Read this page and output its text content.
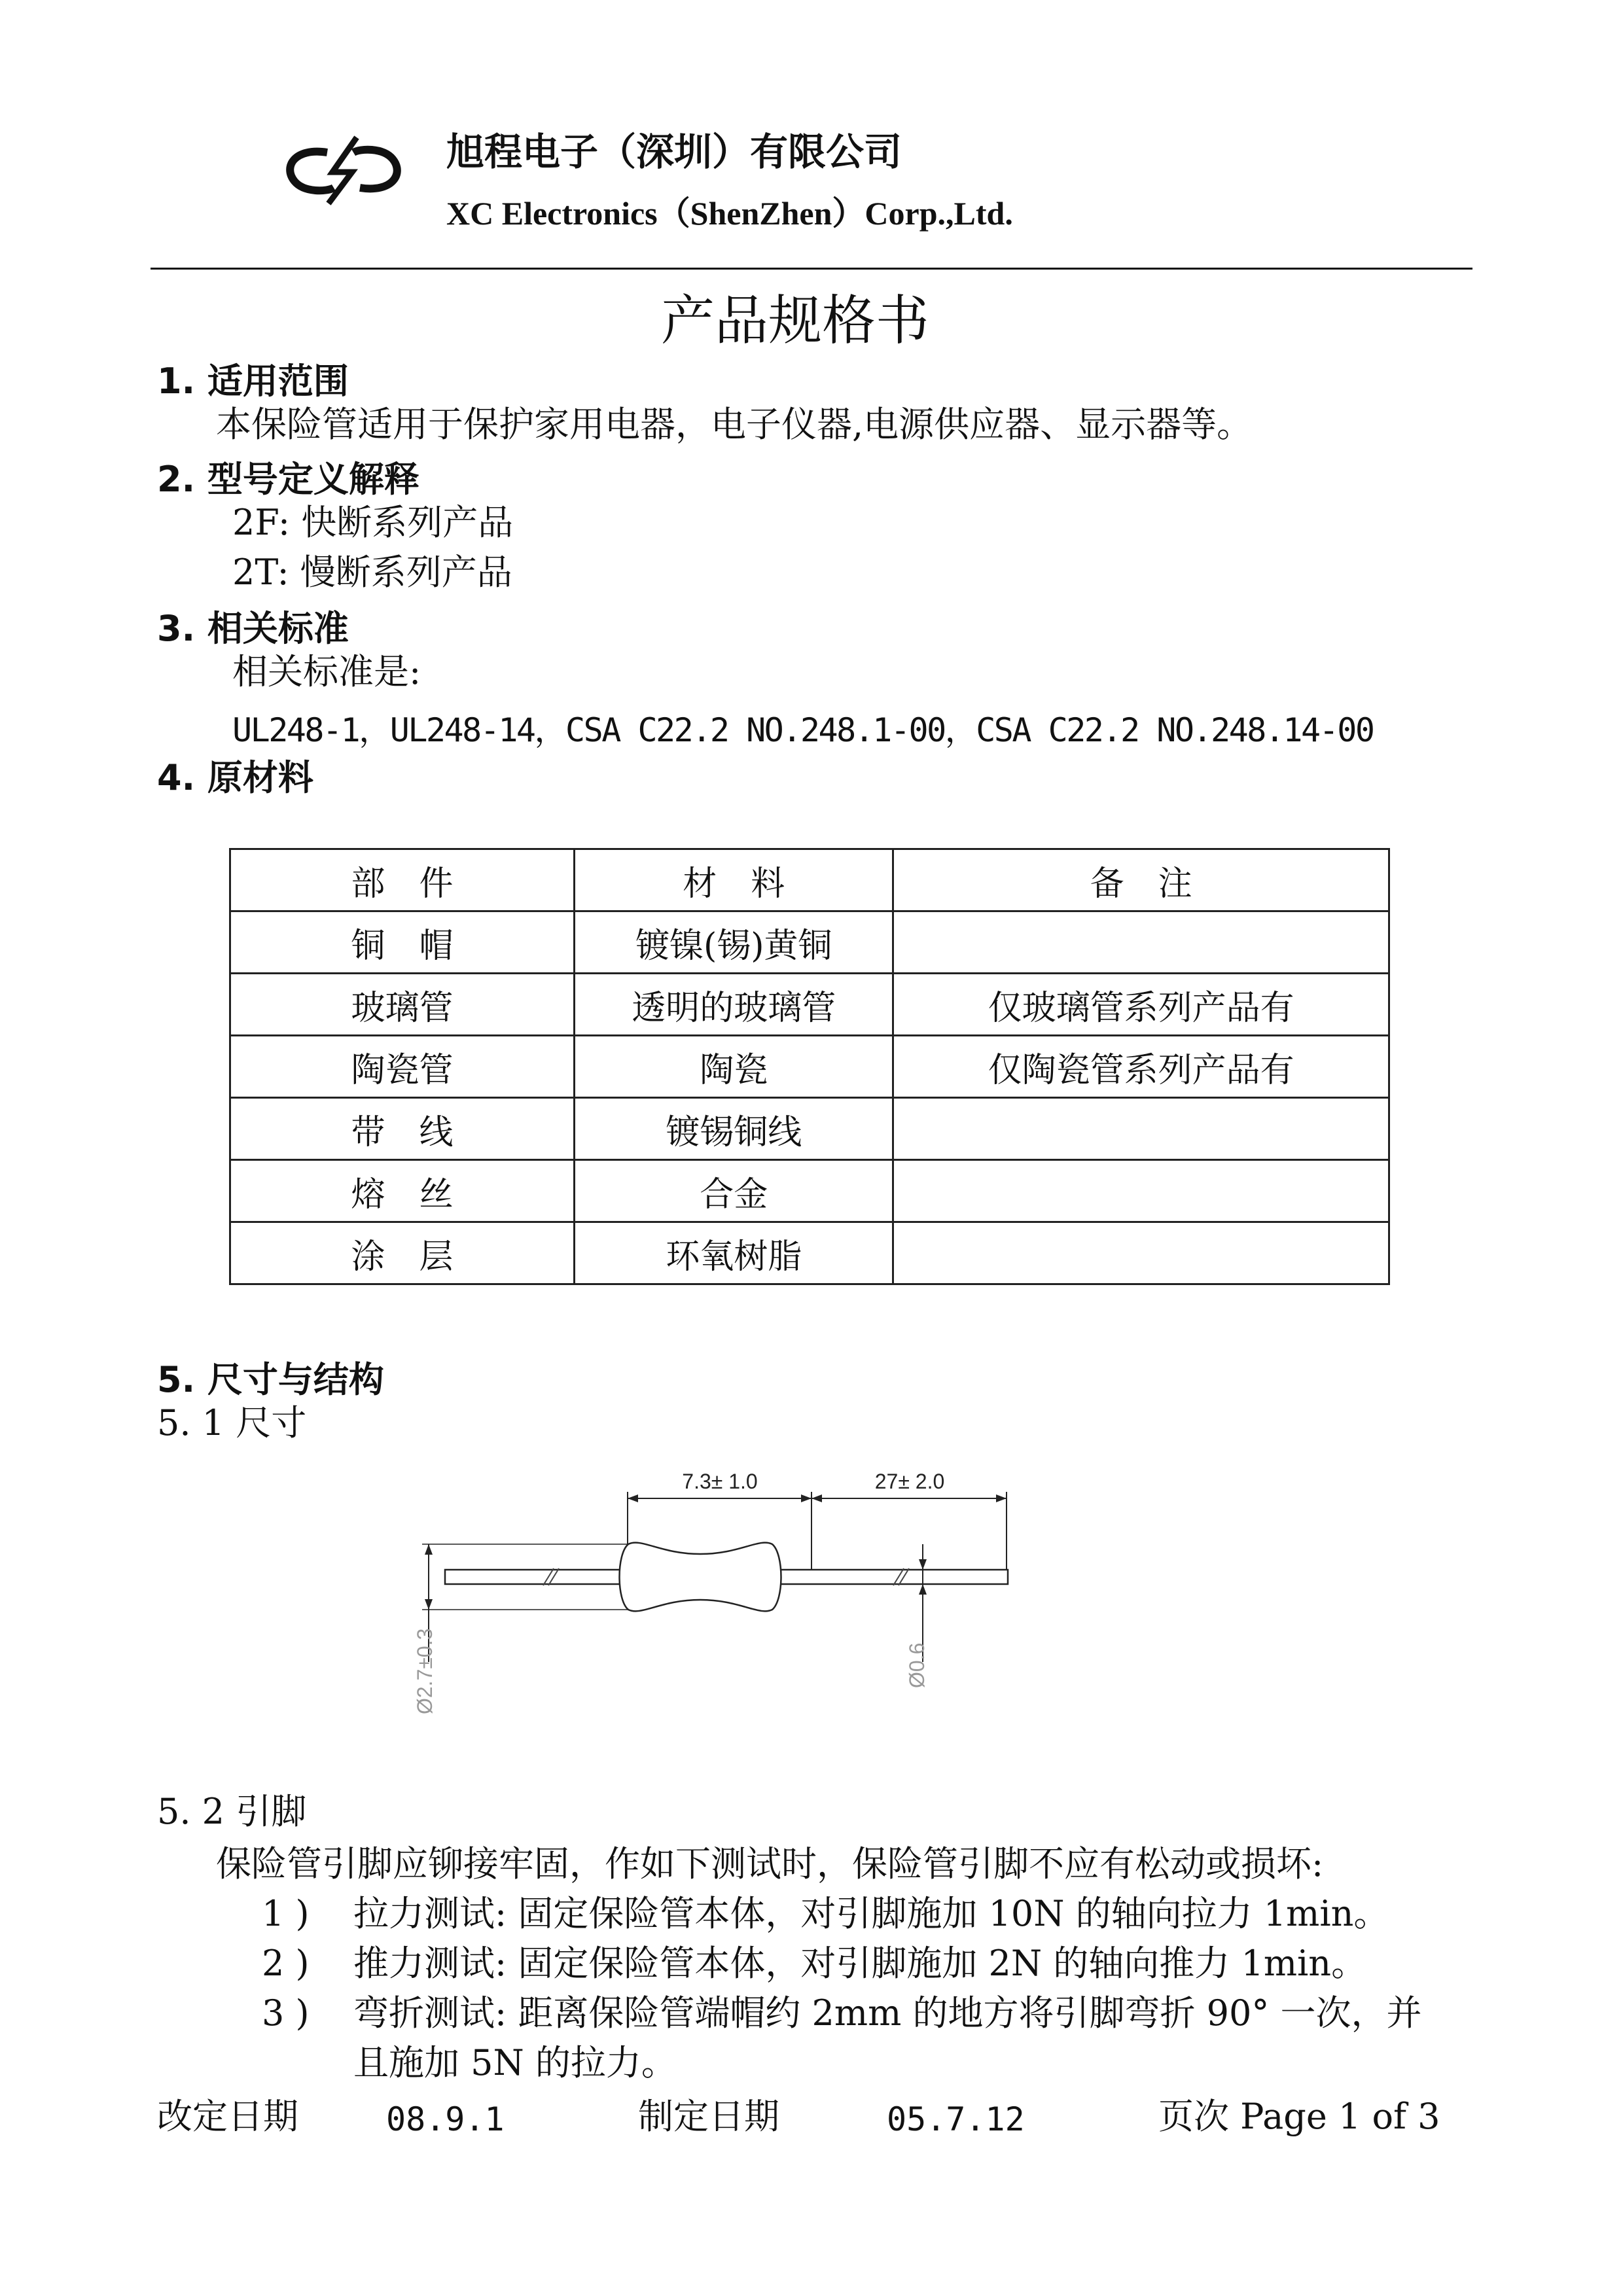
旭程电子（深圳）有限公司
XC Electronics（ShenZhen）Corp.,Ltd.
产品规格书
1. 适用范围
本保险管适用于保护家用电器，电子仪器,电源供应器、显示器等。
2. 型号定义解释
2F: 快断系列产品
2T: 慢断系列产品
3. 相关标准
相关标准是:
UL248-1，UL248-14，CSA C22.2 NO.248.1-00，CSA C22.2 NO.248.14-00
4. 原材料
部　件	材　料	备　注
铜　帽	镀镍(锡)黄铜	
玻璃管	透明的玻璃管	仅玻璃管系列产品有
陶瓷管	陶瓷	仅陶瓷管系列产品有
带　线	镀锡铜线	
熔　丝	合金	
涂　层	环氧树脂	
5. 尺寸与结构
5. 1 尺寸
7.3± 1.0	27± 2.0
Ø2.7±0.3	Ø0.6
5. 2 引脚
保险管引脚应铆接牢固，作如下测试时，保险管引脚不应有松动或损坏:
1 ) 拉力测试: 固定保险管本体，对引脚施加 10N 的轴向拉力 1min。
2 ) 推力测试: 固定保险管本体，对引脚施加 2N 的轴向推力 1min。
3 ) 弯折测试: 距离保险管端帽约 2mm 的地方将引脚弯折 90° 一次，并
且施加 5N 的拉力。
改定日期	08.9.1	制定日期	05.7.12	页次 Page 1 of 3
